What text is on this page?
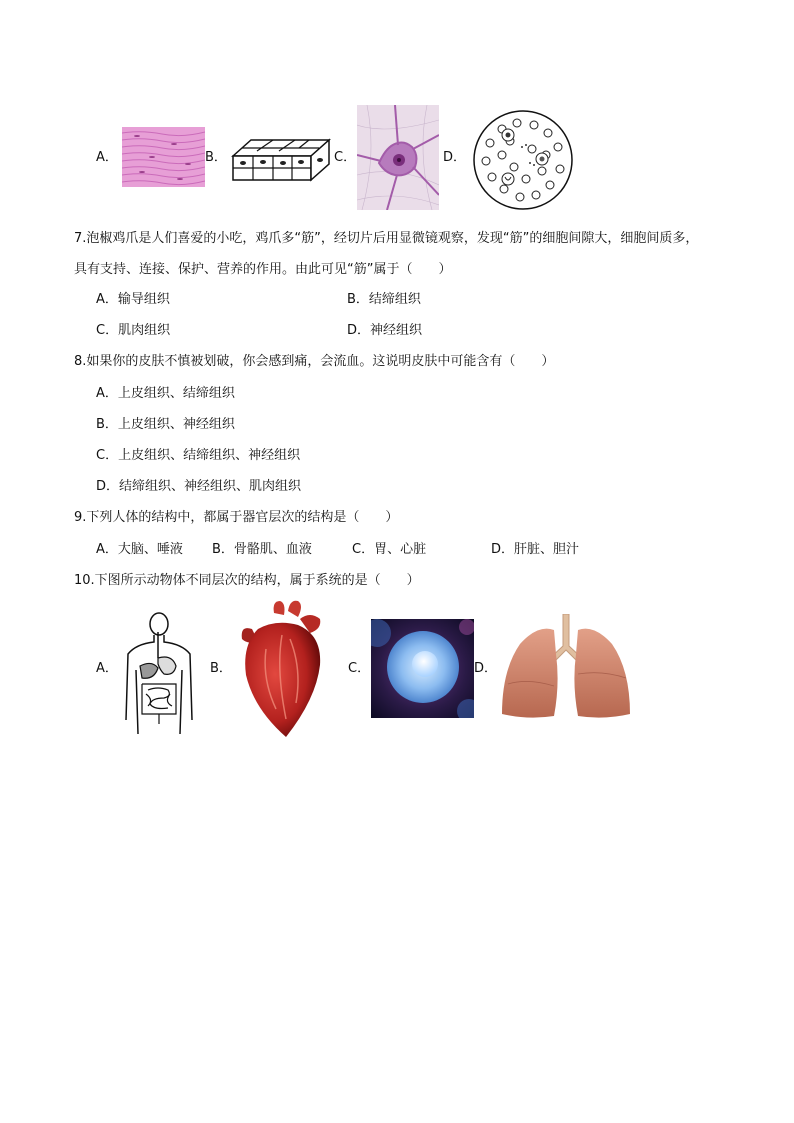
A．	B．	C．	D．
7.泡椒鸡爪是人们喜爱的小吃，鸡爪多“筋”，经切片后用显微镜观察，发现“筋”的细胞间隙大，细胞间质多，
具有支持、连接、保护、营养的作用。由此可见“筋”属于（　　）
A．输导组织	B．结缔组织
C．肌肉组织	D．神经组织
8.如果你的皮肤不慎被划破，你会感到痛，会流血。这说明皮肤中可能含有（　　）
A．上皮组织、结缔组织
B．上皮组织、神经组织
C．上皮组织、结缔组织、神经组织
D．结缔组织、神经组织、肌肉组织
9.下列人体的结构中，都属于器官层次的结构是（　　）
A．大脑、唾液 B．骨骼肌、血液	C．胃、心脏	D．肝脏、胆汁
10.下图所示动物体不同层次的结构，属于系统的是（　　）
A．	B．	C．	D．
